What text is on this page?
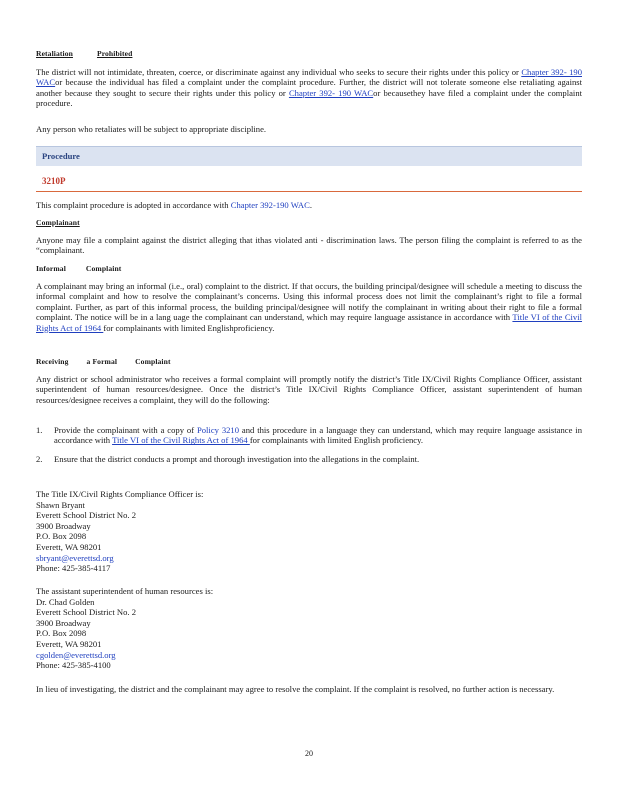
Retaliation	Prohibited

The district will not intimidate, threaten, coerce, or discriminate against any individual who seeks to secure their rights under this policy or Chapter 392- 190 WACor because the individual has filed a complaint under the complaint procedure. Further, the district will not tolerate someone else retaliating against another because they sought to secure their rights under this policy or Chapter 392- 190 WACor becausethey have filed a complaint under the complaint procedure.

Any person who retaliates will be subject to appropriate discipline.

Procedure
3210P

This complaint procedure is adopted in accordance with Chapter 392-190 WAC.

Complainant

Anyone may file a complaint against the district alleging that ithas violated anti - discrimination laws. The person filing the complaint is referred to as the “complainant.

Informal	Complaint

A complainant may bring an informal (i.e., oral) complaint to the district. If that occurs, the building principal/designee will schedule a meeting to discuss the informal complaint and how to resolve the complainant’s concerns. Using this informal process does not limit the complainant’s right to file a formal complaint. Further, as part of this informal process, the building principal/designee will notify the complainant in writing about their right to file a formal complaint. The notice will be in a lang uage the complainant can understand, which may require language assistance in accordance with Title VI of the Civil Rights Act of 1964 for complainants with limited Englishproficiency.

Receiving a Formal Complaint

Any district or school administrator who receives a formal complaint will promptly notify the district’s Title IX/Civil Rights Compliance Officer, assistant superintendent of human resources/designee. Once the district’s Title IX/Civil Rights Compliance Officer, assistant superintendent of human resources/designee receives a complaint, they will do the following:

1. Provide the complainant with a copy of Policy 3210 and this procedure in a language they can understand, which may require language assistance in accordance with Title VI of the Civil Rights Act of 1964 for complainants with limited English proficiency.
2. Ensure that the district conducts a prompt and thorough investigation into the allegations in the complaint.
The Title IX/Civil Rights Compliance Officer is:
Shawn Bryant
Everett School District No. 2
3900 Broadway
P.O. Box 2098
Everett, WA 98201
sbryant@everettsd.org
Phone: 425-385-4117
The assistant superintendent of human resources is:
Dr. Chad Golden
Everett School District No. 2
3900 Broadway
P.O. Box 2098
Everett, WA 98201
cgolden@everettsd.org
Phone: 425-385-4100

In lieu of investigating, the district and the complainant may agree to resolve the complaint. If the complaint is resolved, no further action is necessary.

20
